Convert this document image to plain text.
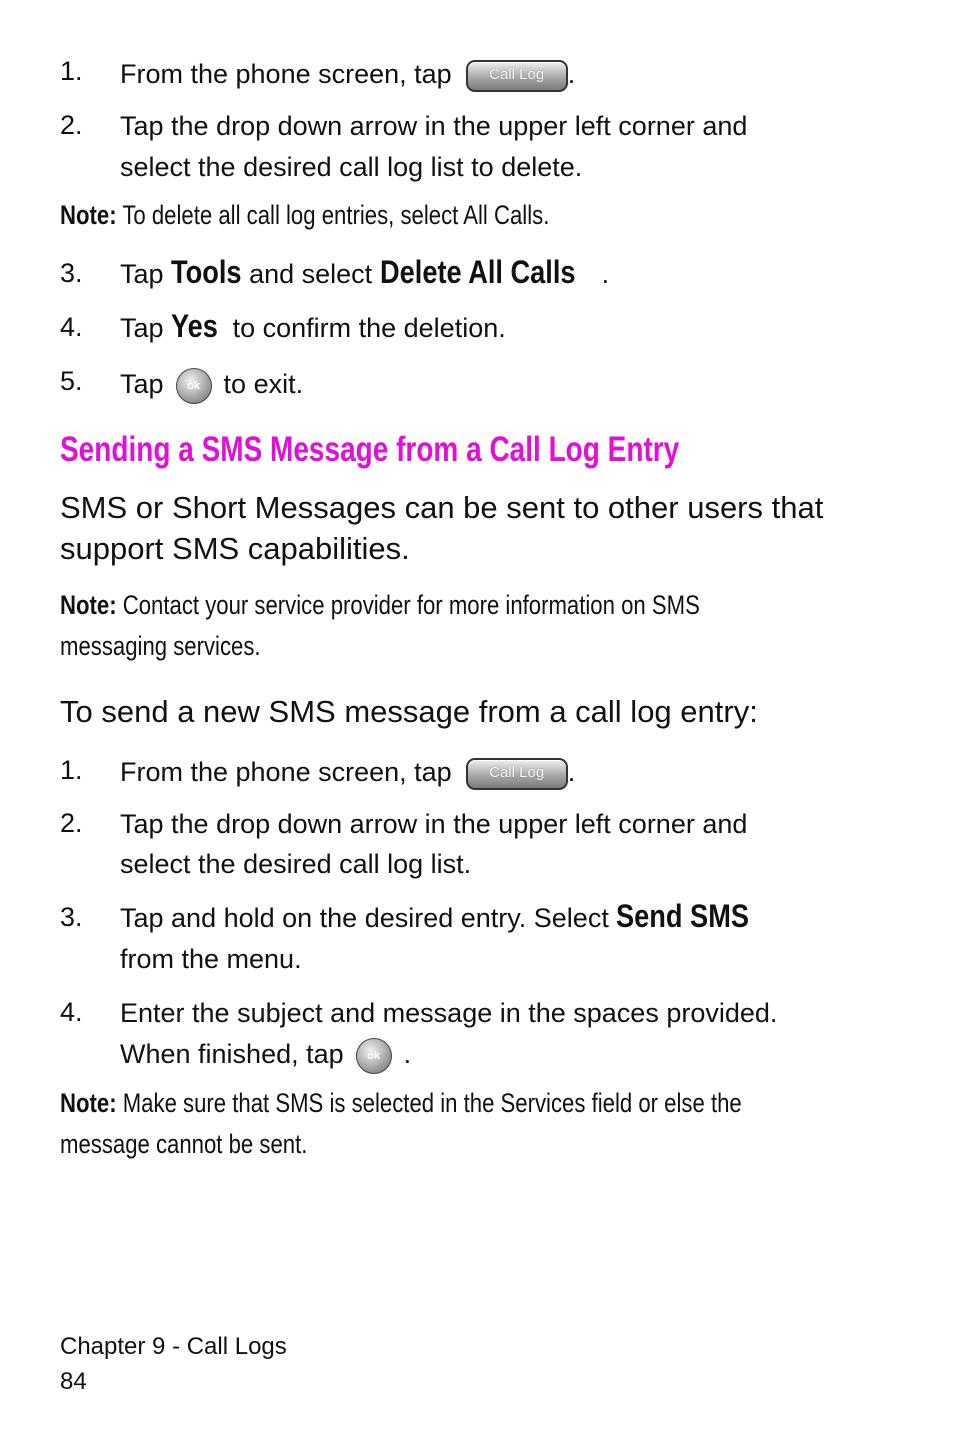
1. From the phone screen, tap Call Log .
2. Tap the drop down arrow in the upper left corner and
select the desired call log list to delete.
Note: To delete all call log entries, select All Calls.
3. Tap Tools and select Delete All Calls .
4. Tap Yes to confirm the deletion.
5. Tap ok to exit.
Sending a SMS Message from a Call Log Entry
SMS or Short Messages can be sent to other users that
support SMS capabilities.
Note: Contact your service provider for more information on SMS
messaging services.
To send a new SMS message from a call log entry:
1. From the phone screen, tap Call Log .
2. Tap the drop down arrow in the upper left corner and
select the desired call log list.
3. Tap and hold on the desired entry. Select Send SMS
from the menu.
4. Enter the subject and message in the spaces provided.
When finished, tap ok .
Note: Make sure that SMS is selected in the Services field or else the
message cannot be sent.
Chapter 9 - Call Logs
84
